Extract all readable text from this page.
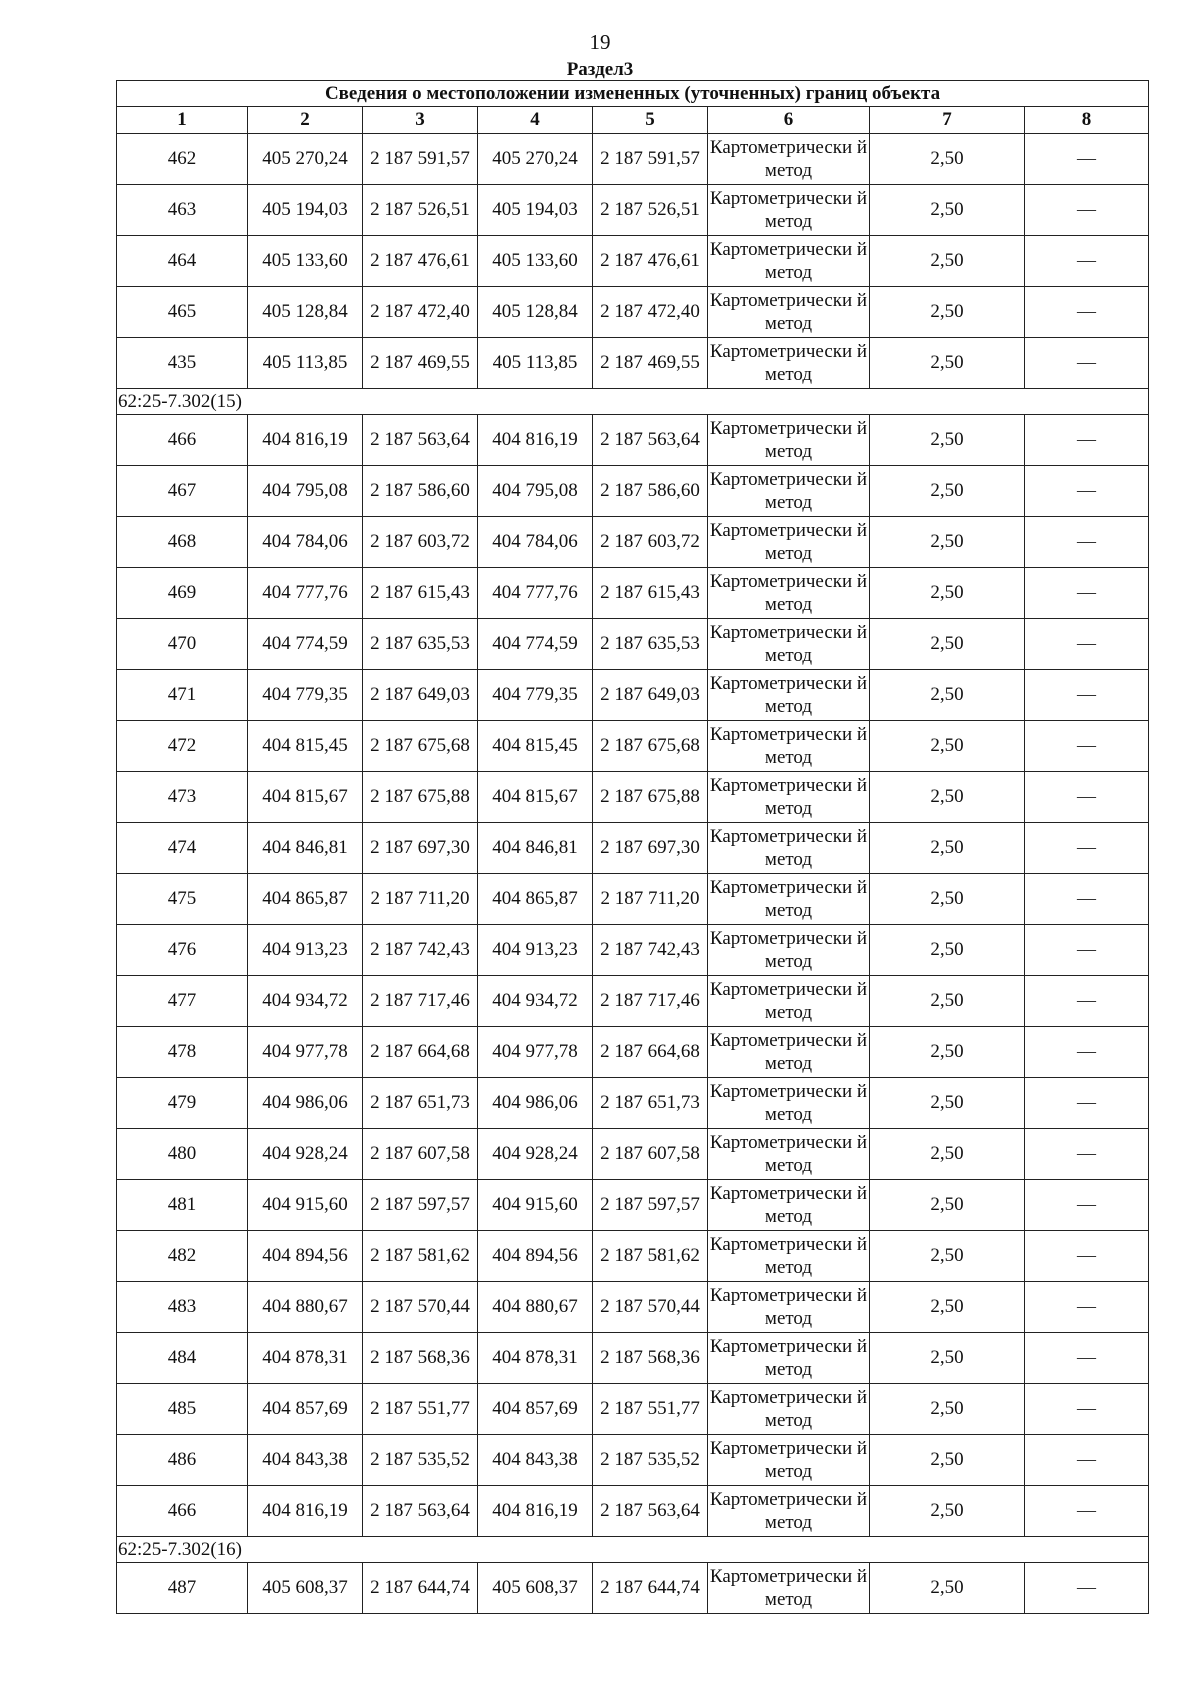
19
Раздел3
Сведения о местоположении измененных (уточненных) границ объекта							
1	2	3	4	5	6	7	8
462	405 270,24	2 187 591,57	405 270,24	2 187 591,57	Картометрически й метод	2,50	—
463	405 194,03	2 187 526,51	405 194,03	2 187 526,51	Картометрически й метод	2,50	—
464	405 133,60	2 187 476,61	405 133,60	2 187 476,61	Картометрически й метод	2,50	—
465	405 128,84	2 187 472,40	405 128,84	2 187 472,40	Картометрически й метод	2,50	—
435	405 113,85	2 187 469,55	405 113,85	2 187 469,55	Картометрически й метод	2,50	—
62:25-7.302(15)							
466	404 816,19	2 187 563,64	404 816,19	2 187 563,64	Картометрически й метод	2,50	—
467	404 795,08	2 187 586,60	404 795,08	2 187 586,60	Картометрически й метод	2,50	—
468	404 784,06	2 187 603,72	404 784,06	2 187 603,72	Картометрически й метод	2,50	—
469	404 777,76	2 187 615,43	404 777,76	2 187 615,43	Картометрически й метод	2,50	—
470	404 774,59	2 187 635,53	404 774,59	2 187 635,53	Картометрически й метод	2,50	—
471	404 779,35	2 187 649,03	404 779,35	2 187 649,03	Картометрически й метод	2,50	—
472	404 815,45	2 187 675,68	404 815,45	2 187 675,68	Картометрически й метод	2,50	—
473	404 815,67	2 187 675,88	404 815,67	2 187 675,88	Картометрически й метод	2,50	—
474	404 846,81	2 187 697,30	404 846,81	2 187 697,30	Картометрически й метод	2,50	—
475	404 865,87	2 187 711,20	404 865,87	2 187 711,20	Картометрически й метод	2,50	—
476	404 913,23	2 187 742,43	404 913,23	2 187 742,43	Картометрически й метод	2,50	—
477	404 934,72	2 187 717,46	404 934,72	2 187 717,46	Картометрически й метод	2,50	—
478	404 977,78	2 187 664,68	404 977,78	2 187 664,68	Картометрически й метод	2,50	—
479	404 986,06	2 187 651,73	404 986,06	2 187 651,73	Картометрически й метод	2,50	—
480	404 928,24	2 187 607,58	404 928,24	2 187 607,58	Картометрически й метод	2,50	—
481	404 915,60	2 187 597,57	404 915,60	2 187 597,57	Картометрически й метод	2,50	—
482	404 894,56	2 187 581,62	404 894,56	2 187 581,62	Картометрически й метод	2,50	—
483	404 880,67	2 187 570,44	404 880,67	2 187 570,44	Картометрически й метод	2,50	—
484	404 878,31	2 187 568,36	404 878,31	2 187 568,36	Картометрически й метод	2,50	—
485	404 857,69	2 187 551,77	404 857,69	2 187 551,77	Картометрически й метод	2,50	—
486	404 843,38	2 187 535,52	404 843,38	2 187 535,52	Картометрически й метод	2,50	—
466	404 816,19	2 187 563,64	404 816,19	2 187 563,64	Картометрически й метод	2,50	—
62:25-7.302(16)							
487	405 608,37	2 187 644,74	405 608,37	2 187 644,74	Картометрически й метод	2,50	—
